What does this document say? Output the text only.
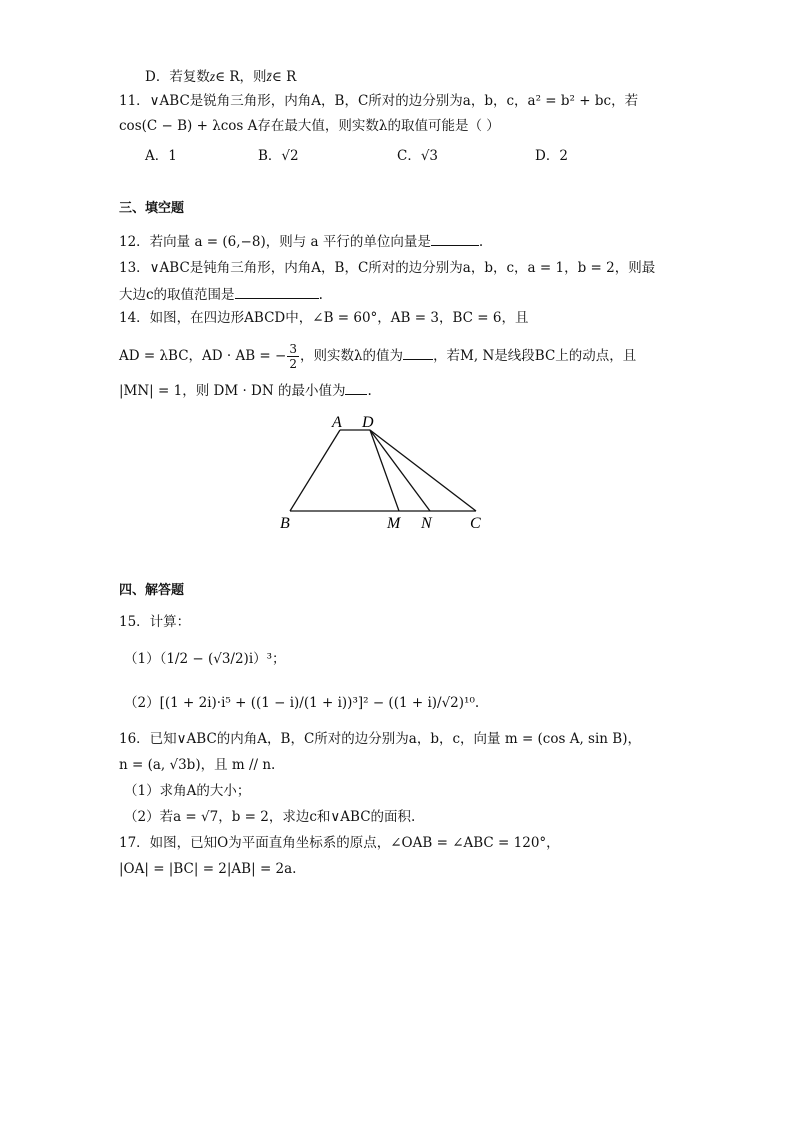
D．若复数z∈ R，则z̄∈ R
11．∨ABC是锐角三角形，内角A，B，C所对的边分别为a，b，c，a² = b² + bc，若
cos(C − B) + λcos A存在最大值，则实数λ的取值可能是（ ）
A．1	B．√2	C．√3	D．2
三、填空题
12．若向量 a = (6,−8)，则与 a 平行的单位向量是	.
13．∨ABC是钝角三角形，内角A，B，C所对的边分别为a，b，c，a = 1，b = 2，则最
大边c的取值范围是	.
14．如图，在四边形ABCD中，∠B = 60°，AB = 3，BC = 6，且
AD = λBC，AD · AB = − $\frac{3}{2}$ ，则实数λ的值为 ，若M, N是线段BC上的动点，且
|MN| = 1，则 DM · DN 的最小值为 .
A D
B	M N C
四、解答题
15．计算：
（1）（1/2 − (√3/2)i）³；
（2）[(1 + 2i)·i⁵ + ((1 − i)/(1 + i))³]² − ((1 + i)/√2)¹⁰.
16．已知∨ABC的内角A，B，C所对的边分别为a，b，c，向量 m = (cos A, sin B)，
n = (a, √3b)，且 m // n.
（1）求角A的大小；
（2）若a = √7，b = 2，求边c和∨ABC的面积.
17．如图，已知O为平面直角坐标系的原点，∠OAB = ∠ABC = 120°，
|OA| = |BC| = 2|AB| = 2a.
